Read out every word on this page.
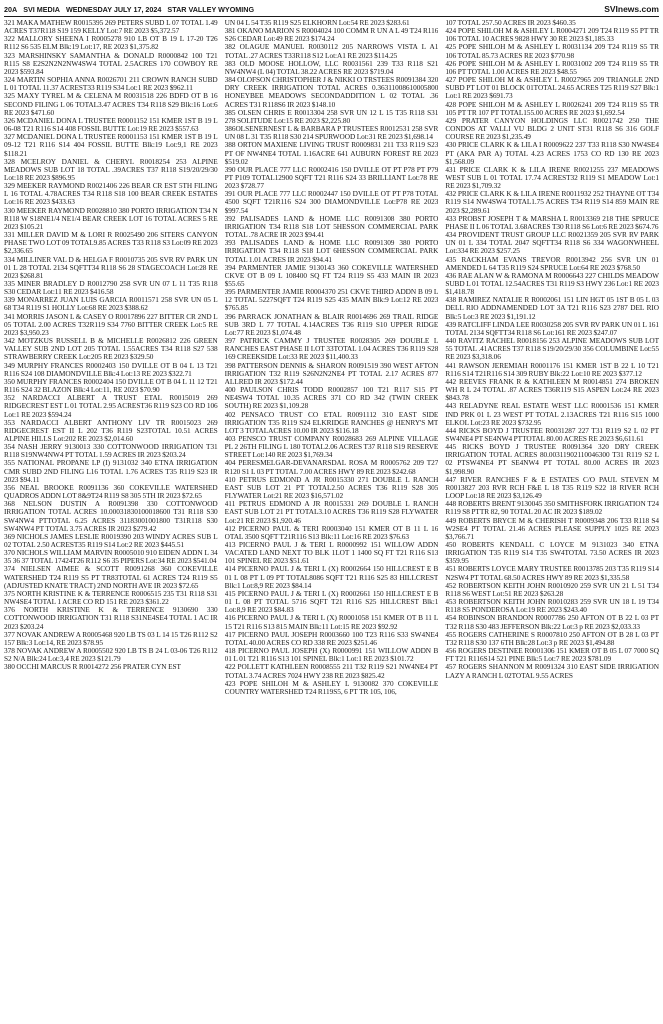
20A SVI MEDIA WEDNESDAY JULY 17, 2024 STAR VALLEY WYOMING	SVInews.com

321 MAKA MATHEW R0015395 269 PETERS SUBD L 07 TOTAL 1.49 ACRES T37R118 S19 159 KELLY Lot:7 RE 2023 $5,372.57

322 MALLORY SHEENA I R0005278 910 LB OT B 19 L 17-20 T26 R112 S6 535 ELM Blk:19 Lot:17, RE 2023 $1,375.82

323 MARSHINSKY SAMANTHA & DONALD R0000842 100 T21 R115 S8 E2S2N2N2NW4SW4 TOTAL 2.5ACRES 170 COWBOY RE 2023 $593.84

324 MARTIN SOPHIA ANNA R0026701 211 CROWN RANCH SUBD L 01 TOTAL 11.37 ACREST33 R119 S34 Lot:1 RE 2023 $962.11

325 MAXY TYREL M & CELENA M R0031518 226 BDFD OT B 16 SECOND FILING L 06 TOTAL3.47 ACRES T34 R118 S29 Blk:16 Lot:6 RE 2023 $471.60

326 MCDANIEL DONA L TRUSTEE R0001152 151 KMER 1ST B 19 L 06-08 T21 R116 S14 408 FOSSIL BUTTE Lot:19 RE 2023 $557.63

327 MCDANIEL DONA L TRUSTEE R0001153 151 KMER 1ST B 19 L 09-12 T21 R116 S14 404 FOSSIL BUTTE Blk:19 Lot:9,1 RE 2023 $118.21

328 MCELROY DANIEL & CHERYL R0018254 253 ALPINE MEADOWS SUB LOT 18 TOTAL .39ACRES T37 R118 S19/20/29/30 Lot:18 RE 2023 $896.95

329 MEEKER RAYMOND R0021406 226 BEAR CR EST 5TH FILING L 16 TOTAL 4.78ACRES T34 R118 S18 100 BEAR CREEK ESTATES Lot:16 RE 2023 $433.63

330 MEEKER RAYMOND R0028810 380 PORTO IRRIGATION T34 N R118 W S18NE1/4 NE1/4 BEAR CREEK LOT 16 TOTAL ACRES 5 RE 2023 $105.21

331 MILLER DAVID M & LORI R R0025490 206 SITERS CANYON PHASE TWO LOT 09 TOTAL9.85 ACRES T33 R118 S3 Lot:09 RE 2023 $2,336.65

334 MILLINER VAL D & HELGA F R0010735 205 SVR RV PARK UN 01 L 28 TOTAL 2134 SQFTT34 R118 S6 28 STAGECOACH Lot:28 RE 2023 $268.81

335 MINER BRADLEY D R0012790 258 SVR UN 07 L 11 T35 R118 S30 CEDAR Lot:11 RE 2023 $416.58

339 MONARREZ JUAN LUIS GARCIA R0011571 258 SVR UN 05 L 68 T34 R119 S1 HOLLY Lot:68 RE 2023 $388.62

341 MORRIS JASON L & CASEY O R0017896 227 BITTER CR 2ND L 05 TOTAL 2.00 ACRES T32R119 S34 7760 BITTER CREEK Lot:5 RE 2023 $3,950.23

342 MOTZKUS RUSSELL B & MICHELLE R0026812 226 GREEN VALLEY SUB 2ND LOT 205 TOTAL 1.55ACRES T34 R118 S27 538 STRAWBERRY CREEK Lot:205 RE 2023 $329.50

349 MURPHY FRANCES R0002403 150 DVILLE OT B 04 L 13 T21 R116 S24 108 DIAMONDVILLE Blk:4 Lot:13 RE 2023 $322.71

350 MURPHY FRANCES R0002404 150 DVILLE OT B 04 L 11 12 T21 R116 S24 32 BLAZON Blk:4 Lot:11, RE 2023 $70.90

352 NARDACCI ALBERT A TRUST ETAL R0015019 269 RIDGECREST EST L 01 TOTAL 2.95 ACREST36 R119 S23 CO RD 106 Lot:1 RE 2023 $594.24

353 NARDACCI ALBERT ANTHONY LIV TR R0015023 269 RIDGECREST EST II L 202 T36 R119 S23TOTAL 10.51 ACRES ALPINE HILLS Lot:202 RE 2023 $2,014.60

354 NASH JERRY 9130013 330 COTTONWOOD IRRIGATION T31 R118 S19NW4NW4 PT TOTAL 1.59 ACRES IR 2023 $203.24

355 NATIONAL PROPANE LP (I) 9131032 340 ETNA IRRIGATION CMR SUBD 2ND FILING L16 TOTAL 1.76 ACRES T35 R119 S23 IR 2023 $94.11

356 NEAL BROOKE R0091136 360 COKEVILLE WATERSHED QUADROS ADDN LOT 8&9T24 R119 S8 305 5TH IR 2023 $72.65

368 NELSON DUSTIN A R0091398 330 COTTONWOOD IRRIGATION TOTAL ACRES 10.00031830100018600 T31 R118 S30 SW4NW4 PTTOTAL 6.25 ACRES 31183001001800 T31R118 S30 SW4NW4 PT TOTAL 3.75 ACRES IR 2023 $279.42

369 NICHOLS JAMES LESLIE R0019390 203 WINDY ACRES SUB L 02 TOTAL 2.50 ACREST35 R119 S14 Lot:2 RE 2023 $445.51

370 NICHOLS WILLIAM MARVIN R0005010 910 EIDEN ADDN L 34 35 36 37 TOTAL 17424T26 R112 S6 35 PIPERS Lot:34 RE 2023 $541.04

374 NIELSEN AIMEE & SCOTT R0091268 360 COKEVILLE WATERSHED T24 R119 S5 PT TR83TOTAL 61 ACRES T24 R119 S5 (ADJUSTED KNATE TRACT) 2ND NORTH AVE IR 2023 $72.65

375 NORTH KRISTINE K & TERRENCE R0006515 235 T31 R118 S31 NW4SE4 TOTAL 1 ACRE CO RD 151 RE 2023 $361.22

376 NORTH KRISTINE K & TERRENCE 9130690 330 COTTONWOOD IRRIGATION T31 R118 S31NE4SE4 TOTAL 1 AC IR 2023 $203.24

377 NOVAK ANDREW A R0005468 920 LB TS 03 L 14 15 T26 R112 S2 157 Blk:3 Lot:14, RE 2023 $78.95

378 NOVAK ANDREW A R0005502 920 LB TS B 24 L 03-06 T26 R112 S2 N/A Blk:24 Lot:3,4 RE 2023 $121.79

380 OCCHI MARCUS R R0014272 256 PRATER CYN EST

UN 04 L 54 T35 R119 S25 ELKHORN Lot:54 RE 2023 $283.61

381 OKANO MARION S R0004024 100 COMM R UN A L 49 T24 R116 S26 CEDAR Lot:49 RE 2023 $174.24

382 OLAGUE MANUEL R0030112 205 NARROWS VISTA L A1 TOTAL .27 ACRES T33R118 S12 Lot:A1 RE 2023 $114.25

383 OLD MOOSE HOLLOW, LLC R0031561 239 T33 R118 S21 NW4NW4 (L 04) TOTAL 38.22 ACRES RE 2023 $719.04

384 OLOFSON CHRISTOPHER J & NIKKI O TRSTEES R0091384 320 DRY CREEK IRRIGATION TOTAL ACRES 0.36311008610005800 HONEYBEE MEADOWS SECONDADDITION L 02 TOTAL .36 ACRES T31 R118S6 IR 2023 $148.10

385 OLSEN CHRIS E R0013304 258 SVR UN 12 L 15 T35 R118 S31 278 SOLITUDE Lot:15 RE 2023 $2,225.80

386OLSENERNEST L & BARBARA P TRUSTEES R0012531 258 SVR UN 08 L 31 T35 R118 S30 214 SPURWOOD Lot:31 RE 2023 $1,698.14

388 ORTON MAXIENE LIVING TRUST R0009831 211 T33 R119 S23 PT OF NW4NE4 TOTAL 1.16ACRE 641 AUBURN FOREST RE 2023 $519.02

390 OUR PLACE 777 LLC R0002416 150 DVILLE OT PT P78 PT P79 PT P109 TOTAL12900 SQFT T21 R116 S24 33 BRILLIANT Lot:78 RE 2023 $728.77

391 OUR PLACE 777 LLC R0002447 150 DVILLE OT PT P78 TOTAL 4500 SQFT T21R116 S24 300 DIAMONDVILLE Lot:P78 RE 2023 $997.54

392 PALISADES LAND & HOME LLC R0091308 380 PORTO IRRIGATION T34 R118 S18 LOT 5HESSON COMMERCIAL PARK TOTAL .78 ACRE IR 2023 $94.41

393 PALISADES LAND & HOME LLC R0091309 380 PORTO IRRIGATION T34 R118 S18 LOT 6HESSON COMMERCIAL PARK TOTAL 1.01 ACRES IR 2023 $94.41

394 PARMENTER JAMIE 9130143 360 COKEVILLE WATERSHED CKVE OT B 09 L 108400 SQ FT T24 R119 S5 433 MAIN IR 2023 $55.65

395 PARMENTER JAMIE R0004370 251 CKVE THIRD ADDN B 09 L 12 TOTAL 5227SQFT T24 R119 S25 435 MAIN Blk:9 Lot:12 RE 2023 $765.85

396 PARRACK JONATHAN & BLAIR R0014696 269 TRAIL RIDGE SUB 3RD L 77 TOTAL 4.14ACRES T36 R119 S10 UPPER RIDGE Lot:77 RE 2023 $1,074.48

397 PATRICK CAMMY J TRUSTEE R0028305 269 DOUBLE L RANCHES EAST PHASE II LOT 33TOTAL 1.04 ACRES T36 R119 S28 169 CREEKSIDE Lot:33 RE 2023 $11,400.33

398 PATTERSON DENNIS & SHARON R0091519 390 WEST AFTON IRRIGATION T32 R119 S26N2N2NE4 PT TOTAL 2.17 ACRES 877 ALLRED IR 2023 $172.44

400 PAULSON CHRIS TODD R0002857 100 T21 R117 S15 PT NE4SW4 TOTAL 10.35 ACRES 371 CO RD 342 (TWIN CREEK SOUTH) RE 2023 $1,109.28

402 PENSACO TRUST CO ETAL R0091112 310 EAST SIDE IRRIGATION T35 R119 S24 ELKRIDGE RANCHES @ HENRY'S MT LOT 3 TOTALACRES 10.00 IR 2023 $116.18

403 PENSCO TRUST COMPANY R0028683 269 ALPINE VILLAGE PL 2 26TH FILING L 180 TOTAL2.06 ACRES T37 R118 S19 RESERVE STREET Lot:140 RE 2023 $1,769.34

404 PERESMELGAR-DEVANARSDAL ROSA M R0005762 209 T27 R120 S1 L 03 PT TOTAL 7.00 ACRES HWY 89 RE 2023 $242.68

410 PETRUS EDMOND A JR R0015330 271 DOUBLE L RANCH EAST SUB LOT 21 PT TOTAL2.50 ACRES T36 R119 S28 305 FLYWATER Lot:21 RE 2023 $16,571.02

411 PETRUS EDMOND A JR R0015331 269 DOUBLE L RANCH EAST SUB LOT 21 PT TOTAL3.10 ACRES T36 R119 S28 FLYWATER Lot:21 RE 2023 $1,920.46

412 PICERNO PAUL & TERI R0003040 151 KMER OT B 11 L 16 OTAL 3500 SQFT T21R116 S13 Blk:11 Lot:16 RE 2023 $76.63

413 PICERNO PAUL J & TERI L R0000992 151 WILLOW ADDN VACATED LAND NEXT TO BLK 1LOT 1 1400 SQ FT T21 R116 S13 101 SPINEL RE 2023 $51.61

414 PICERNO PAUL J & TERI L (X) R0002664 150 HILLCREST E B 01 L 08 PT L 09 PT TOTAL8086 SQFT T21 R116 S25 83 HILLCREST Blk:1 Lot:8,9 RE 2023 $84.14

415 PICERNO PAUL J & TERI L (X) R0002661 150 HILLCREST E B 01 L 08 PT TOTAL 5716 SQFT T21 R116 S25 HILLCREST Blk:1 Lot:8,9 RE 2023 $84.83

416 PICERNO PAUL J & TERI L (X) R0001058 151 KMER OT B 11 L 15 T21 R116 S13 815 MAIN Blk:11 Lot:15 RE 2023 $92.92

417 PICERNO PAUL JOSEPH R0003660 100 T23 R116 S33 SW4NE4 TOTAL 40.00 ACRES CO RD 338 RE 2023 $251.46

418 PICERNO PAUL JOSEPH (X) R0000991 151 WILLOW ADDN B 01 L 01 T21 R116 S13 101 SPINEL Blk:1 Lot:1 RE 2023 $101.72

422 POLLETT KATHLEEN R0008555 211 T32 R119 S21 NW4NE4 PT TOTAL 3.74 ACRES 7024 HWY 238 RE 2023 $825.42

423 POPE SHILOH M & ASHLEY L 9130082 370 COKEVILLE COUNTRY WATERSHED T24 R119S5, 6 PT TR 105, 106,

107 TOTAL 257.50 ACRES IR 2023 $460.35

424 POPE SHILOH M & ASHLEY L R0004271 209 T24 R119 S5 PT TR 106 TOTAL 10 ACRES 9828 HWY 30 RE 2023 $1,185.33

425 POPE SHILOH M & ASHLEY L R0031134 209 T24 R119 S5 TR 106 TOTAL 85.73 ACRES RE 2023 $770.98

426 POPE SHILOH M & ASHLEY L R0031002 209 T24 R119 S5 TR 106 PT TOTAL 1.00 ACRES RE 2023 $48.55

427 POPE SHILOH M & ASHLEY L R0027965 209 TRIANGLE 2ND SUBD PT LOT 01 BLOCK 01TOTAL 24.65 ACRES T25 R119 S27 Blk:1 Lot:1 RE 2023 $691.73

428 POPE SHILOH M & ASHLEY L R0026241 209 T24 R119 S5 TR 105 PT TR 107 PT TOTAL155.00 ACRES RE 2023 $1,692.54

429 PRATER CANYON HOLDINGS LLC R0021742 250 THE CONDOS AT VALLI VU BLDG 2 UNIT ST31 R118 S6 316 GOLF COURSE RE 2023 $1,235.49

430 PRICE CLARK K & LILA I R0009622 237 T33 R118 S30 NW4SE4 PT (AKA PAR A) TOTAL 4.23 ACRES 1753 CO RD 130 RE 2023 $1,568.09

431 PRICE CLARK K & LILA IRENE R0021255 237 MEADOWS WEST SUB L 01 TOTAL 17.74 ACREST32 R119 S1 MEADOW Lot:1 RE 2023 $1,709.32

432 PRICE CLARK K & LILA IRENE R0011932 252 THAYNE OT T34 R119 S14 NW4SW4 TOTAL1.75 ACRES T34 R119 S14 859 MAIN RE 2023 $2,289.61

433 PROBST JOSEPH T & MARSHA L R0013369 218 THE SPRUCE PHASE II L 06 TOTAL 3.68ACRES T30 R118 S6 Lot:6 RE 2023 $674.76

434 PROVIDENT TRUST GROUP LLC R0021359 205 SVR RV PARK UN 01 L 334 TOTAL 2047 SQFTT34 R118 S6 334 WAGONWHEEL Lot:334 RE 2023 $257.25

435 RACKHAM EVANS TREVOR R0013942 256 SVR UN 01 AMENDED L 64 T35 R119 S24 SPRUCE Lot:64 RE 2023 $768.50

436 RAE ALAN W & RAMONA M R0006643 227 CHILDS MEADOW SUBD L 01 TOTAL 12.54ACRES T31 R119 S3 HWY 236 Lot:1 RE 2023 $1,418.78

438 RAMIREZ NATALIE R R0002061 151 LIN HGT 05 1ST B 05 L 03 DELL RIO ADDNAMENDED LOT 3A T21 R116 S23 2787 DEL RIO Blk:5 Lot:3 RE 2023 $1,191.12

439 RATCLIFF LINDA LEE R0030258 205 SVR RV PARK UN 01 L 161 TOTAL 2134 SQFTT34 R118 S6 Lot:161 RE 2023 $247.07

440 RAVITZ RACHEL R0018156 253 ALPINE MEADOWS SUB LOT 55 TOTAL .41ACRES T37 R118 S19/20/29/30 356 COLUMBINE Lot:55 RE 2023 $3,318.06

441 RAWSON JEREMIAH R0001176 151 KMER 1ST B 22 L 10 T21 R116 S14 T21R116 S14 309 RUBY Blk:22 Lot:10 RE 2023 $377.12

442 REEVES FRANK R & KATHLEEN M R0014851 274 BROKEN WH R L 24 TOTAL .87 ACRES T36R119 S15 ASPEN Lot:24 RE 2023 $843.78

443 RELADYNE REAL ESTATE WEST LLC R0001536 151 KMER IND PRK 01 L 23 WEST PT TOTAL 2.13ACRES T21 R116 S15 1000 ELKOL Lot:23 RE 2023 $732.95

444 RICKS BOYD J TRUSTEE R0031287 227 T31 R119 S2 L 02 PT SW4NE4 PT SE4NW4 PTTOTAL 80.00 ACRES RE 2023 $6,611.61

445 RICKS BOYD J TRUSTEE R0091364 320 DRY CREEK IRRIGATION TOTAL ACRES 80.00311902110046300 T31 R119 S2 L 02 PTSW4NE4 PT SE4NW4 PT TOTAL 80.00 ACRES IR 2023 $1,998.90

447 RIVER RANCHES F & E ESTATES C/O PAUL STEVEN M R0013827 203 RVR RCH F&E L 18 T35 R119 S22 18 RIVER RCH LOOP Lot:18 RE 2023 $3,126.49

448 ROBERTS BRENT 9130045 350 SMITHSFORK IRRIGATION T24 R119 S8 PTTR 82, 90 TOTAL 20 AC IR 2023 $189.02

449 ROBERTS BRYCE M & CHERISH T R0009348 206 T33 R118 S4 W2SE4 PT TOTAL 21.46 ACRES PLEASE SUPPLY 1025 RE 2023 $3,766.71

450 ROBERTS KENDALL C LOYCE M 9131023 340 ETNA IRRIGATION T35 R119 S14 T35 SW4TOTAL 73.50 ACRES IR 2023 $359.95

451 ROBERTS LOYCE MARY TRUSTEE R0013785 203 T35 R119 S14 N2SW4 PT TOTAL 68.50 ACRES HWY 89 RE 2023 $1,335.58

452 ROBERTSON KEITH JOHN R0010920 259 SVR UN 21 L 51 T34 R118 S6 WEST Lot:51 RE 2023 $263.28

453 ROBERTSON KEITH JOHN R0010283 259 SVR UN 18 L 19 T34 R118 S5 PONDEROSA Lot:19 RE 2023 $243.40

454 ROBINSON BRANDON R0007786 250 AFTON OT B 22 L 03 PT T32 R118 S30 483 JEFFERSON Blk:22 Lot:3 p RE 2023 $2,033.33

455 ROGERS CATHERINE S R0007810 250 AFTON OT B 28 L 03 PT T32 R118 S30 137 6TH Blk:28 Lot:3 p RE 2023 $1,494.88

456 ROGERS DESTINEE R0001306 151 KMER OT B 05 L 07 7000 SQ FT T21 R116S14 521 PINE Blk:5 Lot:7 RE 2023 $781.09

457 ROGERS SHANNON M R0091324 310 EAST SIDE IRRIGATION LAZY A RANCH L 02TOTAL 9.55 ACRES
